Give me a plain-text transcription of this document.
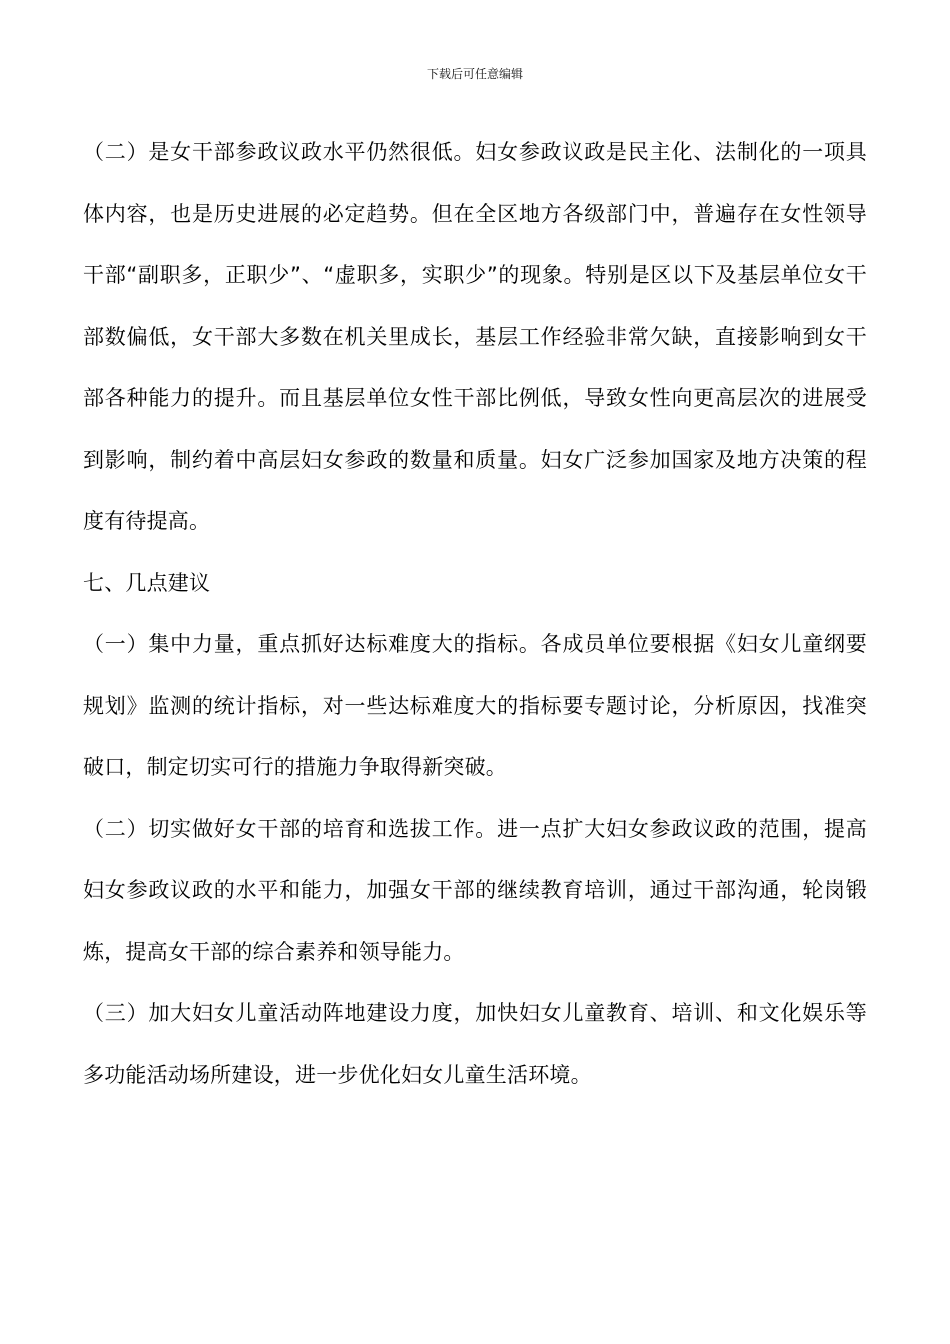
下载后可任意编辑

（二）是女干部参政议政水平仍然很低。妇女参政议政是民主化、法制化的一项具体内容，也是历史进展的必定趋势。但在全区地方各级部门中，普遍存在女性领导干部“副职多，正职少”、“虚职多，实职少”的现象。特别是区以下及基层单位女干部数偏低，女干部大多数在机关里成长，基层工作经验非常欠缺，直接影响到女干部各种能力的提升。而且基层单位女性干部比例低，导致女性向更高层次的进展受到影响，制约着中高层妇女参政的数量和质量。妇女广泛参加国家及地方决策的程度有待提高。

七、几点建议

（一）集中力量，重点抓好达标难度大的指标。各成员单位要根据《妇女儿童纲要规划》监测的统计指标，对一些达标难度大的指标要专题讨论，分析原因，找准突破口，制定切实可行的措施力争取得新突破。

（二）切实做好女干部的培育和选拔工作。进一点扩大妇女参政议政的范围，提高妇女参政议政的水平和能力，加强女干部的继续教育培训，通过干部沟通，轮岗锻炼，提高女干部的综合素养和领导能力。

（三）加大妇女儿童活动阵地建设力度，加快妇女儿童教育、培训、和文化娱乐等多功能活动场所建设，进一步优化妇女儿童生活环境。
